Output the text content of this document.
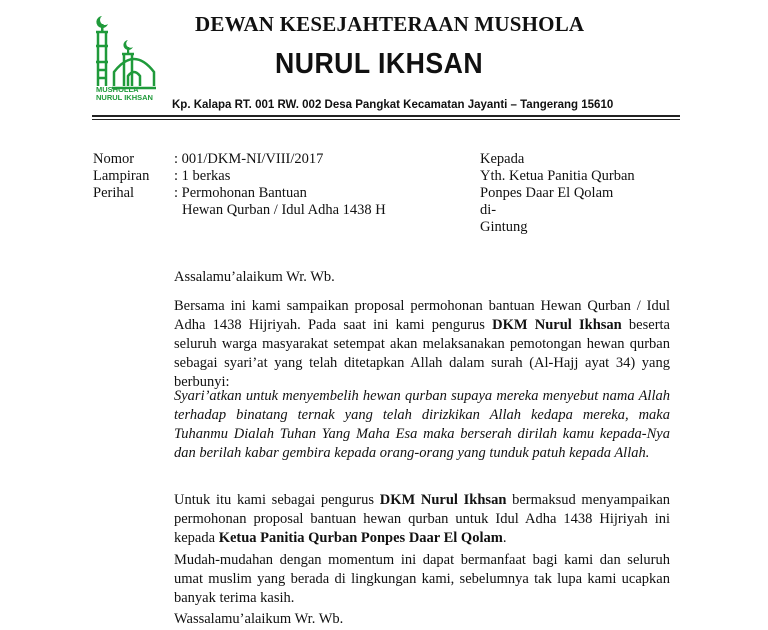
MUSHOLLA
NURUL IKHSAN
DEWAN KESEJAHTERAAN MUSHOLA
NURUL IKHSAN
Kp. Kalapa RT. 001 RW. 002 Desa Pangkat Kecamatan Jayanti – Tangerang 15610
Nomor	: 001/DKM-NI/VIII/2017
Lampiran : 1 berkas
Perihal	: Permohonan Bantuan
Hewan Qurban / Idul Adha 1438 H
Kepada
Yth. Ketua Panitia Qurban
Ponpes Daar El Qolam
di-
Gintung
Assalamu’alaikum Wr. Wb.
Bersama ini kami sampaikan proposal permohonan bantuan Hewan Qurban / Idul Adha 1438 Hijriyah. Pada saat ini kami pengurus DKM Nurul Ikhsan beserta seluruh warga masyarakat setempat akan melaksanakan pemotongan hewan qurban sebagai syari’at yang telah ditetapkan Allah dalam surah (Al-Hajj ayat 34) yang berbunyi:
Syari’atkan untuk menyembelih hewan qurban supaya mereka menyebut nama Allah terhadap binatang ternak yang telah dirizkikan Allah kedapa mereka, maka Tuhanmu Dialah Tuhan Yang Maha Esa maka berserah dirilah kamu kepada-Nya dan berilah kabar gembira kepada orang-orang yang tunduk patuh kepada Allah.
Untuk itu kami sebagai pengurus DKM Nurul Ikhsan bermaksud menyampaikan permohonan proposal bantuan hewan qurban untuk Idul Adha 1438 Hijriyah ini kepada Ketua Panitia Qurban Ponpes Daar El Qolam.
Mudah-mudahan dengan momentum ini dapat bermanfaat bagi kami dan seluruh umat muslim yang berada di lingkungan kami, sebelumnya tak lupa kami ucapkan banyak terima kasih.
Wassalamu’alaikum Wr. Wb.
